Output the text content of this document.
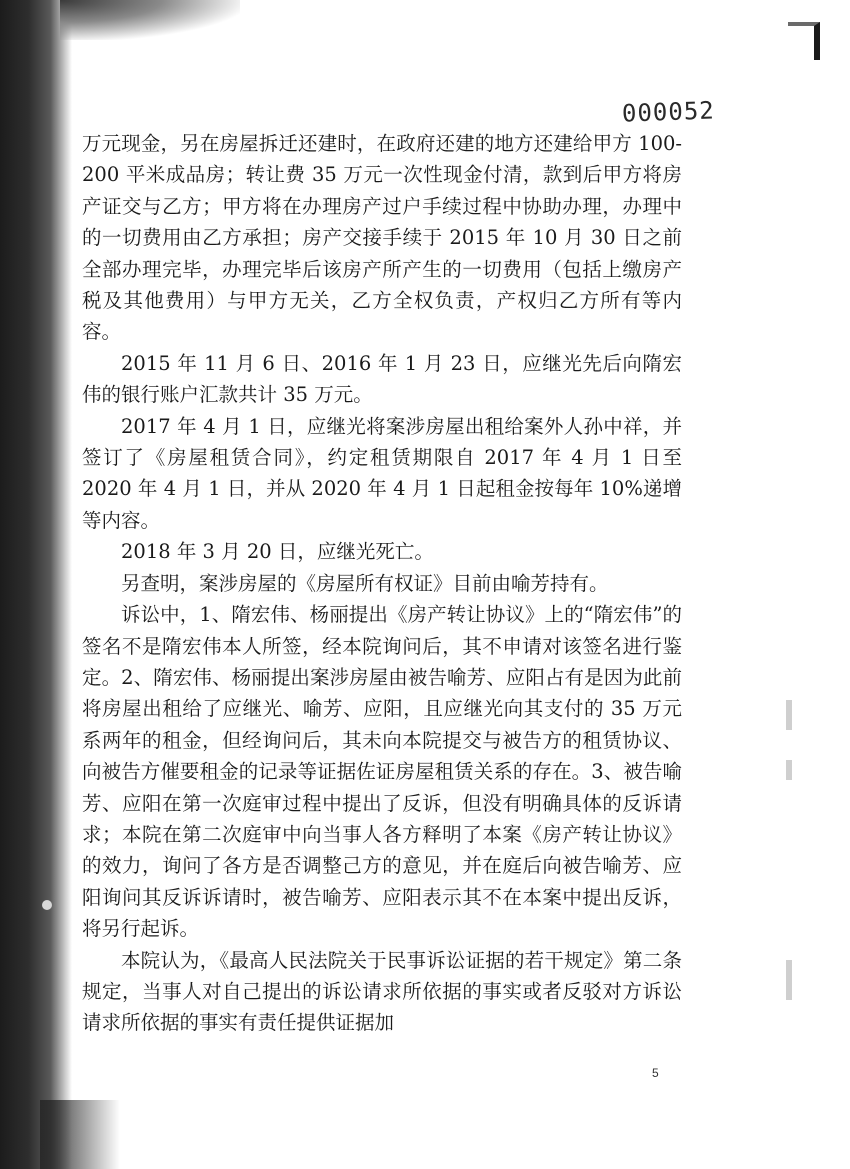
000052

万元现金，另在房屋拆迁还建时，在政府还建的地方还建给甲方 100-200 平米成品房；转让费 35 万元一次性现金付清，款到后甲方将房产证交与乙方；甲方将在办理房产过户手续过程中协助办理，办理中的一切费用由乙方承担；房产交接手续于 2015 年 10 月 30 日之前全部办理完毕，办理完毕后该房产所产生的一切费用（包括上缴房产税及其他费用）与甲方无关，乙方全权负责，产权归乙方所有等内容。

2015 年 11 月 6 日、2016 年 1 月 23 日，应继光先后向隋宏伟的银行账户汇款共计 35 万元。

2017 年 4 月 1 日，应继光将案涉房屋出租给案外人孙中祥，并签订了《房屋租赁合同》，约定租赁期限自 2017 年 4 月 1 日至 2020 年 4 月 1 日，并从 2020 年 4 月 1 日起租金按每年 10%递增等内容。

2018 年 3 月 20 日，应继光死亡。

另查明，案涉房屋的《房屋所有权证》目前由喻芳持有。

诉讼中，1、隋宏伟、杨丽提出《房产转让协议》上的“隋宏伟”的签名不是隋宏伟本人所签，经本院询问后，其不申请对该签名进行鉴定。2、隋宏伟、杨丽提出案涉房屋由被告喻芳、应阳占有是因为此前将房屋出租给了应继光、喻芳、应阳，且应继光向其支付的 35 万元系两年的租金，但经询问后，其未向本院提交与被告方的租赁协议、向被告方催要租金的记录等证据佐证房屋租赁关系的存在。3、被告喻芳、应阳在第一次庭审过程中提出了反诉，但没有明确具体的反诉请求；本院在第二次庭审中向当事人各方释明了本案《房产转让协议》的效力，询问了各方是否调整己方的意见，并在庭后向被告喻芳、应阳询问其反诉诉请时，被告喻芳、应阳表示其不在本案中提出反诉，将另行起诉。

本院认为，《最高人民法院关于民事诉讼证据的若干规定》第二条规定，当事人对自己提出的诉讼请求所依据的事实或者反驳对方诉讼请求所依据的事实有责任提供证据加

5
